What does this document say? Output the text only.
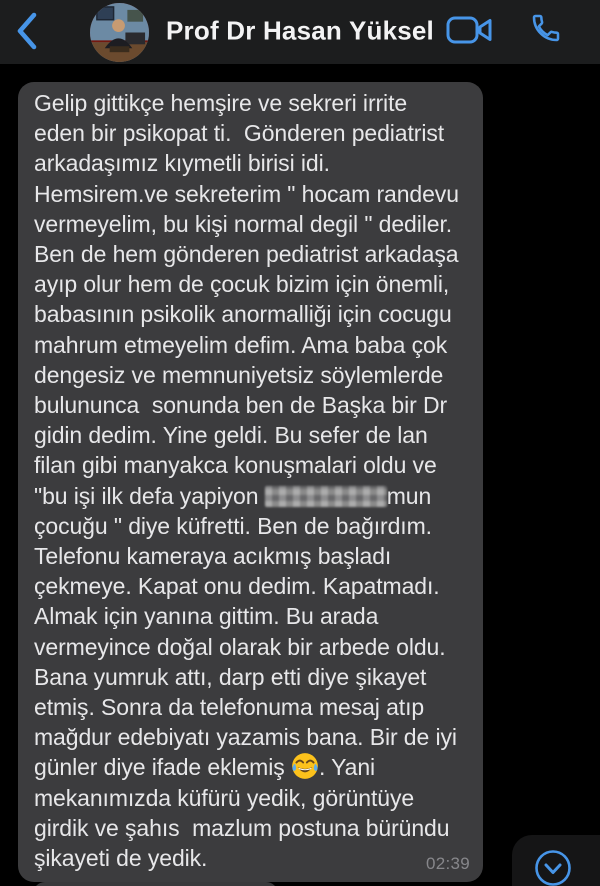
Prof Dr Hasan Yüksel
Gelip gittikçe hemşire ve sekreri irrite
eden bir psikopat ti.  Gönderen pediatrist
arkadaşımız kıymetli birisi idi.
Hemsirem.ve sekreterim " hocam randevu
vermeyelim, bu kişi normal degil " dediler.
Ben de hem gönderen pediatrist arkadaşa
ayıp olur hem de çocuk bizim için önemli,
babasının psikolik anormalliği için cocugu
mahrum etmeyelim defim. Ama baba çok
dengesiz ve memnuniyetsiz söylemlerde
bulununca  sonunda ben de Başka bir Dr
gidin dedim. Yine geldi. Bu sefer de lan
filan gibi manyakca konuşmalari oldu ve
"bu işi ilk defa yapiyon	mun
çocuğu " diye küfretti. Ben de bağırdım.
Telefonu kameraya acıkmış başladı
çekmeye. Kapat onu dedim. Kapatmadı.
Almak için yanına gittim. Bu arada
vermeyince doğal olarak bir arbede oldu.
Bana yumruk attı, darp etti diye şikayet
etmiş. Sonra da telefonuma mesaj atıp
mağdur edebiyatı yazamis bana. Bir de iyi
günler diye ifade eklemiş
. Yani
mekanımızda küfürü yedik, görüntüye
girdik ve şahıs  mazlum postuna büründu
şikayeti de yedik.	02:39
